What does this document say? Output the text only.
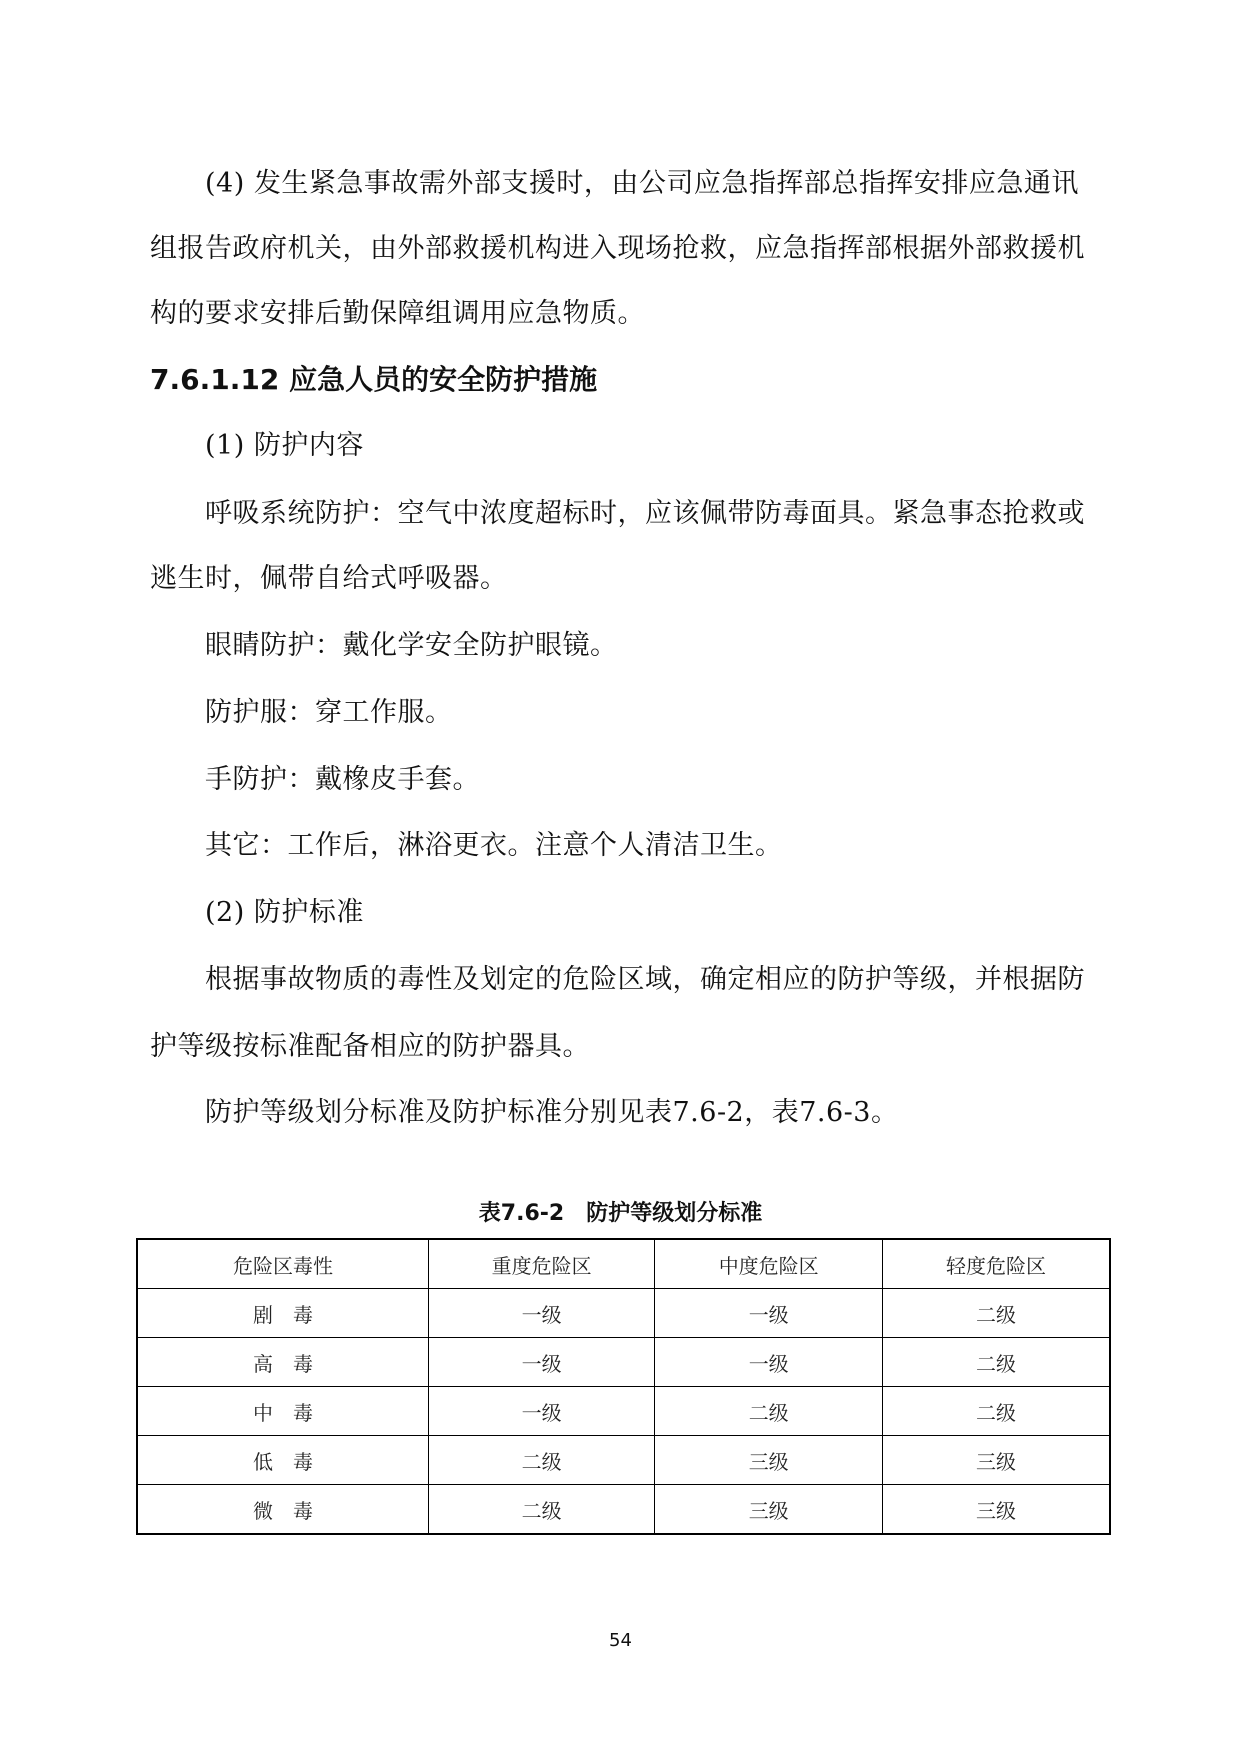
(4) 发生紧急事故需外部支援时，由公司应急指挥部总指挥安排应急通讯
组报告政府机关，由外部救援机构进入现场抢救，应急指挥部根据外部救援机
构的要求安排后勤保障组调用应急物质。
7.6.1.12 应急人员的安全防护措施
(1) 防护内容
呼吸系统防护：空气中浓度超标时，应该佩带防毒面具。紧急事态抢救或
逃生时，佩带自给式呼吸器。
眼睛防护：戴化学安全防护眼镜。
防护服：穿工作服。
手防护：戴橡皮手套。
其它：工作后，淋浴更衣。注意个人清洁卫生。
(2) 防护标准
根据事故物质的毒性及划定的危险区域，确定相应的防护等级，并根据防
护等级按标准配备相应的防护器具。
防护等级划分标准及防护标准分别见表7.6-2，表7.6-3。
表7.6-2　防护等级划分标准
危险区毒性	重度危险区	中度危险区	轻度危险区
剧　毒	一级	一级	二级
高　毒	一级	一级	二级
中　毒	一级	二级	二级
低　毒	二级	三级	三级
微　毒	二级	三级	三级
54
